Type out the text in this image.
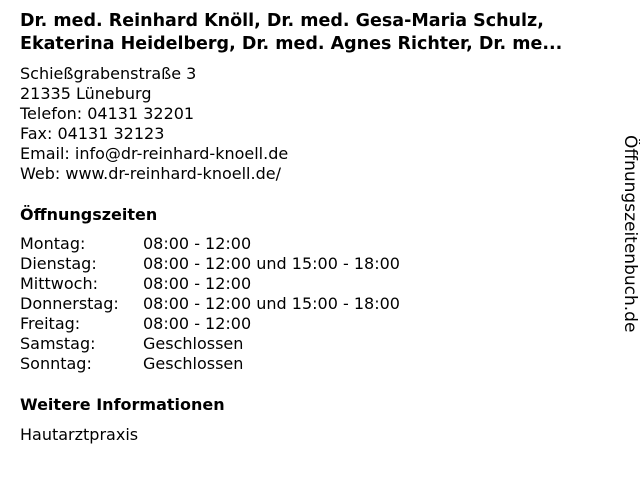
Dr. med. Reinhard Knöll, Dr. med. Gesa-Maria Schulz,
Ekaterina Heidelberg, Dr. med. Agnes Richter, Dr. me...
Schießgrabenstraße 3
21335 Lüneburg
Telefon: 04131 32201
Fax: 04131 32123
Email: info@dr-reinhard-knoell.de
Web: www.dr-reinhard-knoell.de/
Öffnungszeiten
Montag:	08:00 - 12:00
Dienstag:	08:00 - 12:00 und 15:00 - 18:00
Mittwoch:	08:00 - 12:00
Donnerstag: 08:00 - 12:00 und 15:00 - 18:00
Freitag:	08:00 - 12:00
Samstag:	Geschlossen
Sonntag:	Geschlossen
Weitere Informationen
Hautarztpraxis
Öffnungszeitenbuch.de
